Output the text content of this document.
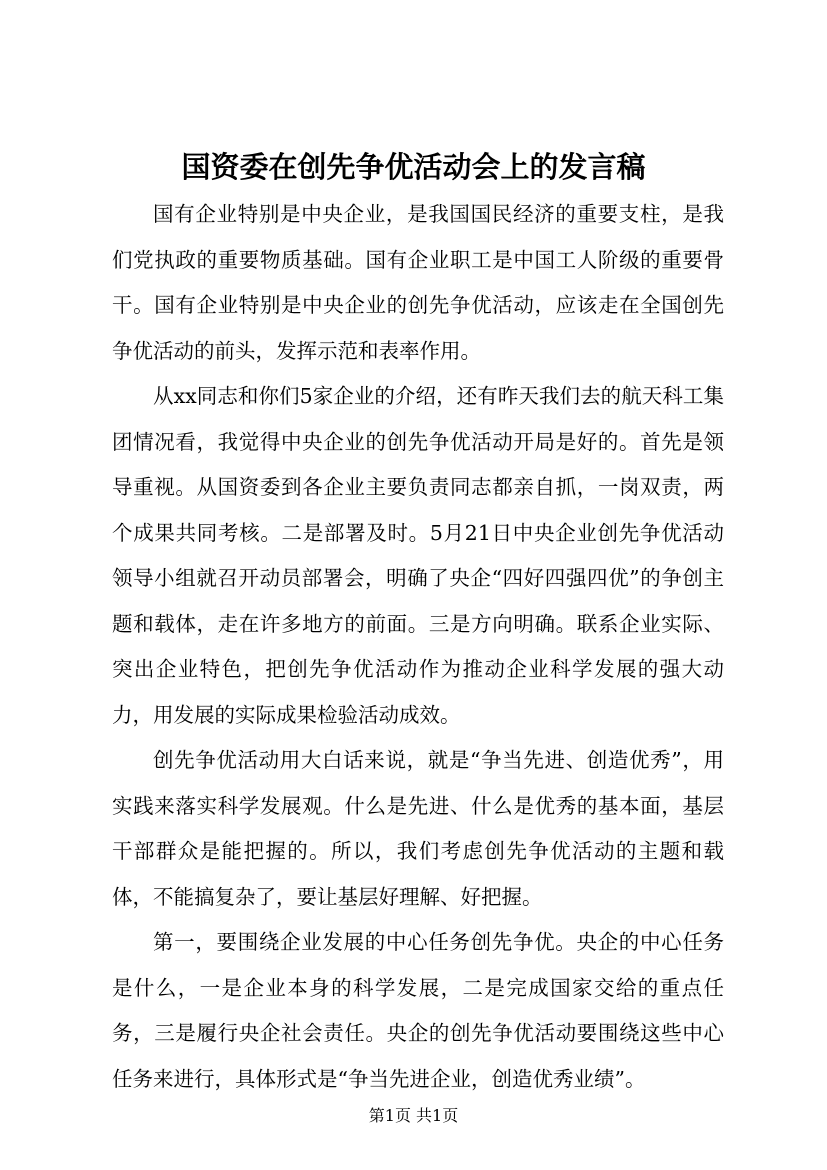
国资委在创先争优活动会上的发言稿

国有企业特别是中央企业，是我国国民经济的重要支柱，是我们党执政的重要物质基础。国有企业职工是中国工人阶级的重要骨干。国有企业特别是中央企业的创先争优活动，应该走在全国创先争优活动的前头，发挥示范和表率作用。

从xx同志和你们5家企业的介绍，还有昨天我们去的航天科工集团情况看，我觉得中央企业的创先争优活动开局是好的。首先是领导重视。从国资委到各企业主要负责同志都亲自抓，一岗双责，两个成果共同考核。二是部署及时。5月21日中央企业创先争优活动领导小组就召开动员部署会，明确了央企“四好四强四优”的争创主题和载体，走在许多地方的前面。三是方向明确。联系企业实际、突出企业特色，把创先争优活动作为推动企业科学发展的强大动力，用发展的实际成果检验活动成效。

创先争优活动用大白话来说，就是“争当先进、创造优秀”，用实践来落实科学发展观。什么是先进、什么是优秀的基本面，基层干部群众是能把握的。所以，我们考虑创先争优活动的主题和载体，不能搞复杂了，要让基层好理解、好把握。

第一，要围绕企业发展的中心任务创先争优。央企的中心任务是什么，一是企业本身的科学发展，二是完成国家交给的重点任务，三是履行央企社会责任。央企的创先争优活动要围绕这些中心任务来进行，具体形式是“争当先进企业，创造优秀业绩”。

第1页 共1页
